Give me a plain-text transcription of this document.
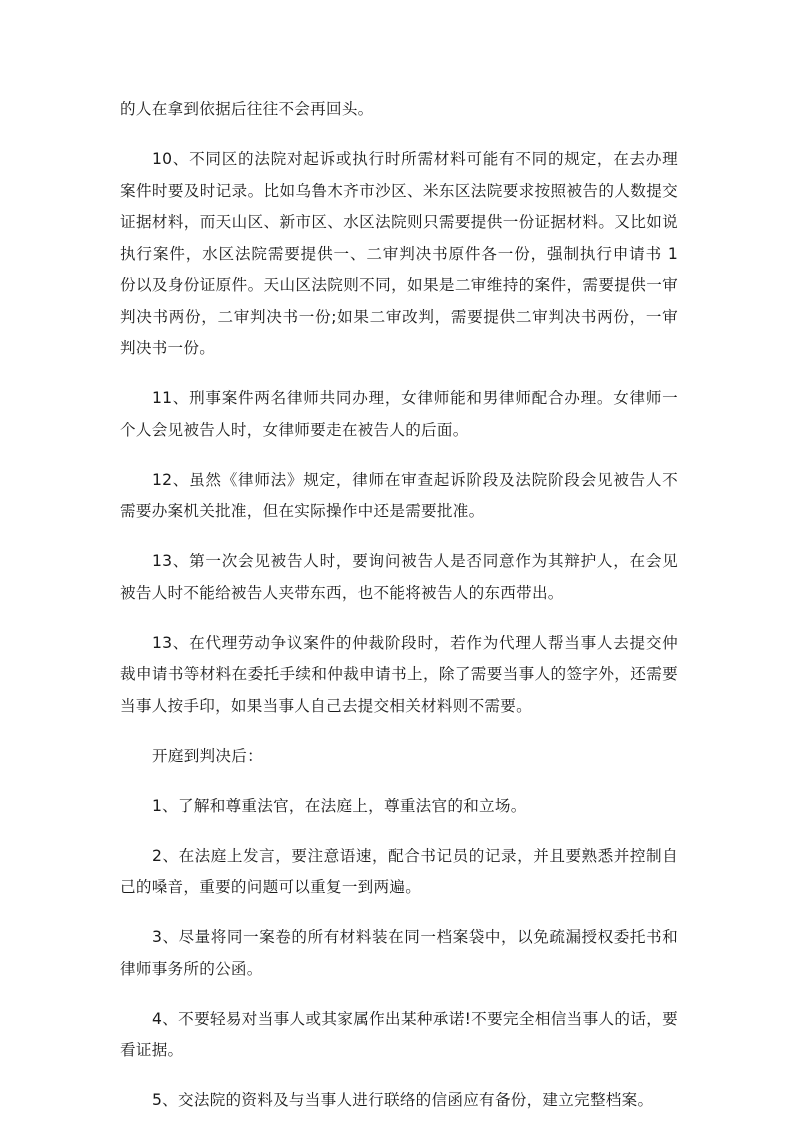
的人在拿到依据后往往不会再回头。

10、不同区的法院对起诉或执行时所需材料可能有不同的规定，在去办理案件时要及时记录。比如乌鲁木齐市沙区、米东区法院要求按照被告的人数提交证据材料，而天山区、新市区、水区法院则只需要提供一份证据材料。又比如说执行案件，水区法院需要提供一、二审判决书原件各一份，强制执行申请书 1 份以及身份证原件。天山区法院则不同，如果是二审维持的案件，需要提供一审判决书两份，二审判决书一份;如果二审改判，需要提供二审判决书两份，一审判决书一份。

11、刑事案件两名律师共同办理，女律师能和男律师配合办理。女律师一个人会见被告人时，女律师要走在被告人的后面。

12、虽然《律师法》规定，律师在审查起诉阶段及法院阶段会见被告人不需要办案机关批准，但在实际操作中还是需要批准。

13、第一次会见被告人时，要询问被告人是否同意作为其辩护人，在会见被告人时不能给被告人夹带东西，也不能将被告人的东西带出。

13、在代理劳动争议案件的仲裁阶段时，若作为代理人帮当事人去提交仲裁申请书等材料在委托手续和仲裁申请书上，除了需要当事人的签字外，还需要当事人按手印，如果当事人自己去提交相关材料则不需要。

开庭到判决后：

1、了解和尊重法官，在法庭上，尊重法官的和立场。

2、在法庭上发言，要注意语速，配合书记员的记录，并且要熟悉并控制自己的嗓音，重要的问题可以重复一到两遍。

3、尽量将同一案卷的所有材料装在同一档案袋中，以免疏漏授权委托书和律师事务所的公函。

4、不要轻易对当事人或其家属作出某种承诺!不要完全相信当事人的话，要看证据。

5、交法院的资料及与当事人进行联络的信函应有备份，建立完整档案。
